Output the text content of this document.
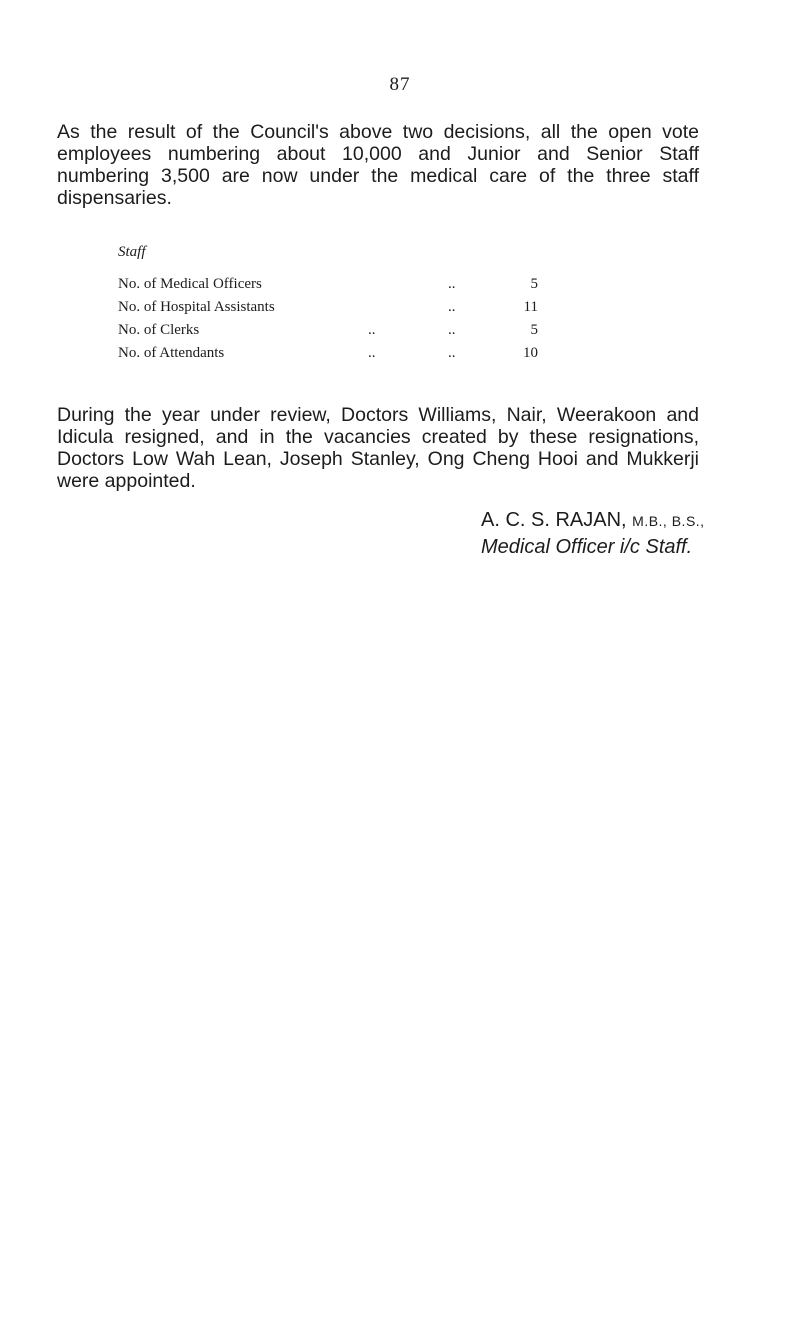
87

As the result of the Council's above two decisions, all the open vote employees numbering about 10,000 and Junior and Senior Staff numbering 3,500 are now under the medical care of the three staff dispensaries.

Staff
No. of Medical Officers		..	5
No. of Hospital Assistants		..	11
No. of Clerks	..	..	5
No. of Attendants	..	..	10

During the year under review, Doctors Williams, Nair, Weerakoon and Idicula resigned, and in the vacancies created by these resignations, Doctors Low Wah Lean, Joseph Stanley, Ong Cheng Hooi and Mukkerji were appointed.

A. C. S. RAJAN, M.B., B.S.,
Medical Officer i/c Staff.
